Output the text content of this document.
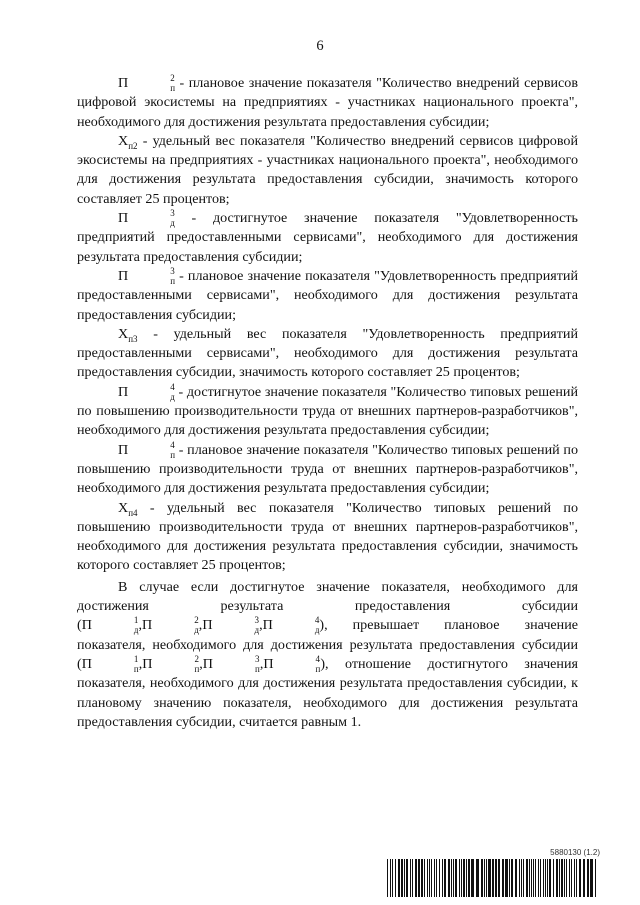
6

П	2
п - плановое значение показателя "Количество внедрений сервисов цифровой экосистемы на предприятиях - участниках национального проекта", необходимого для достижения результата предоставления субсидии;

$Х_{п2}$ - удельный вес показателя "Количество внедрений сервисов цифровой экосистемы на предприятиях - участниках национального проекта", необходимого для достижения результата предоставления субсидии, значимость которого составляет 25 процентов;

П	3
д - достигнутое значение показателя "Удовлетворенность предприятий предоставленными сервисами", необходимого для достижения результата предоставления субсидии;

П	3
п - плановое значение показателя "Удовлетворенность предприятий предоставленными сервисами", необходимого для достижения результата предоставления субсидии;

$Х_{п3}$ - удельный вес показателя "Удовлетворенность предприятий предоставленными сервисами", необходимого для достижения результата предоставления субсидии, значимость которого составляет 25 процентов;

П	4
д - достигнутое значение показателя "Количество типовых решений по повышению производительности труда от внешних партнеров-разработчиков", необходимого для достижения результата предоставления субсидии;

П	4
п - плановое значение показателя "Количество типовых решений по повышению производительности труда от внешних партнеров-разработчиков", необходимого для достижения результата предоставления субсидии;

$Х_{п4}$ - удельный вес показателя "Количество типовых решений по повышению производительности труда от внешних партнеров-разработчиков", необходимого для достижения результата предоставления субсидии, значимость которого составляет 25 процентов;

В случае если достигнутое значение показателя, необходимого для достижения результата предоставления субсидии (П	1
д ,П	2
д ,П	3
д ,П	4
д ), превышает плановое значение показателя, необходимого для достижения результата предоставления субсидии (П	1
п ,П	2
п ,П	3
п ,П	4
п ), отношение достигнутого значения показателя, необходимого для достижения результата предоставления субсидии, к плановому значению показателя, необходимого для достижения результата предоставления субсидии, считается равным 1.

5880130 (1.2)
